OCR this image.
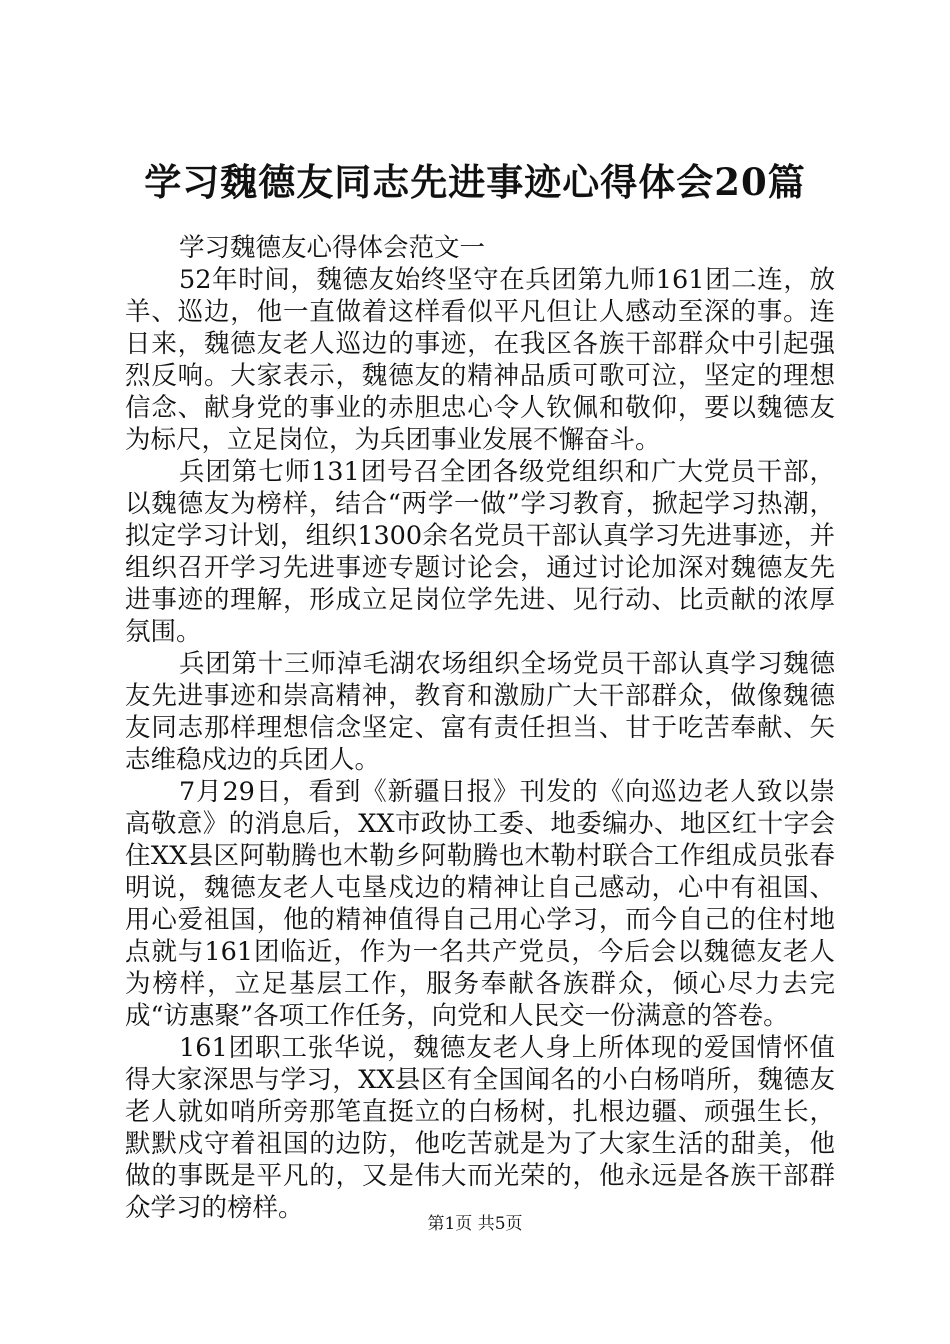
学习魏德友同志先进事迹心得体会20篇

学习魏德友心得体会范文一

52年时间，魏德友始终坚守在兵团第九师161团二连，放羊、巡边，他一直做着这样看似平凡但让人感动至深的事。连日来，魏德友老人巡边的事迹，在我区各族干部群众中引起强烈反响。大家表示，魏德友的精神品质可歌可泣，坚定的理想信念、献身党的事业的赤胆忠心令人钦佩和敬仰，要以魏德友为标尺，立足岗位，为兵团事业发展不懈奋斗。

兵团第七师131团号召全团各级党组织和广大党员干部，以魏德友为榜样，结合“两学一做”学习教育，掀起学习热潮，拟定学习计划，组织1300余名党员干部认真学习先进事迹，并组织召开学习先进事迹专题讨论会，通过讨论加深对魏德友先进事迹的理解，形成立足岗位学先进、见行动、比贡献的浓厚氛围。

兵团第十三师淖毛湖农场组织全场党员干部认真学习魏德友先进事迹和崇高精神，教育和激励广大干部群众，做像魏德友同志那样理想信念坚定、富有责任担当、甘于吃苦奉献、矢志维稳戍边的兵团人。

7月29日，看到《新疆日报》刊发的《向巡边老人致以崇高敬意》的消息后，XX市政协工委、地委编办、地区红十字会住XX县区阿勒腾也木勒乡阿勒腾也木勒村联合工作组成员张春明说，魏德友老人屯垦戍边的精神让自己感动，心中有祖国、用心爱祖国，他的精神值得自己用心学习，而今自己的住村地点就与161团临近，作为一名共产党员，今后会以魏德友老人为榜样，立足基层工作，服务奉献各族群众，倾心尽力去完成“访惠聚”各项工作任务，向党和人民交一份满意的答卷。

161团职工张华说，魏德友老人身上所体现的爱国情怀值得大家深思与学习，XX县区有全国闻名的小白杨哨所，魏德友老人就如哨所旁那笔直挺立的白杨树，扎根边疆、顽强生长，默默戍守着祖国的边防，他吃苦就是为了大家生活的甜美，他做的事既是平凡的，又是伟大而光荣的，他永远是各族干部群众学习的榜样。

第1页 共5页
